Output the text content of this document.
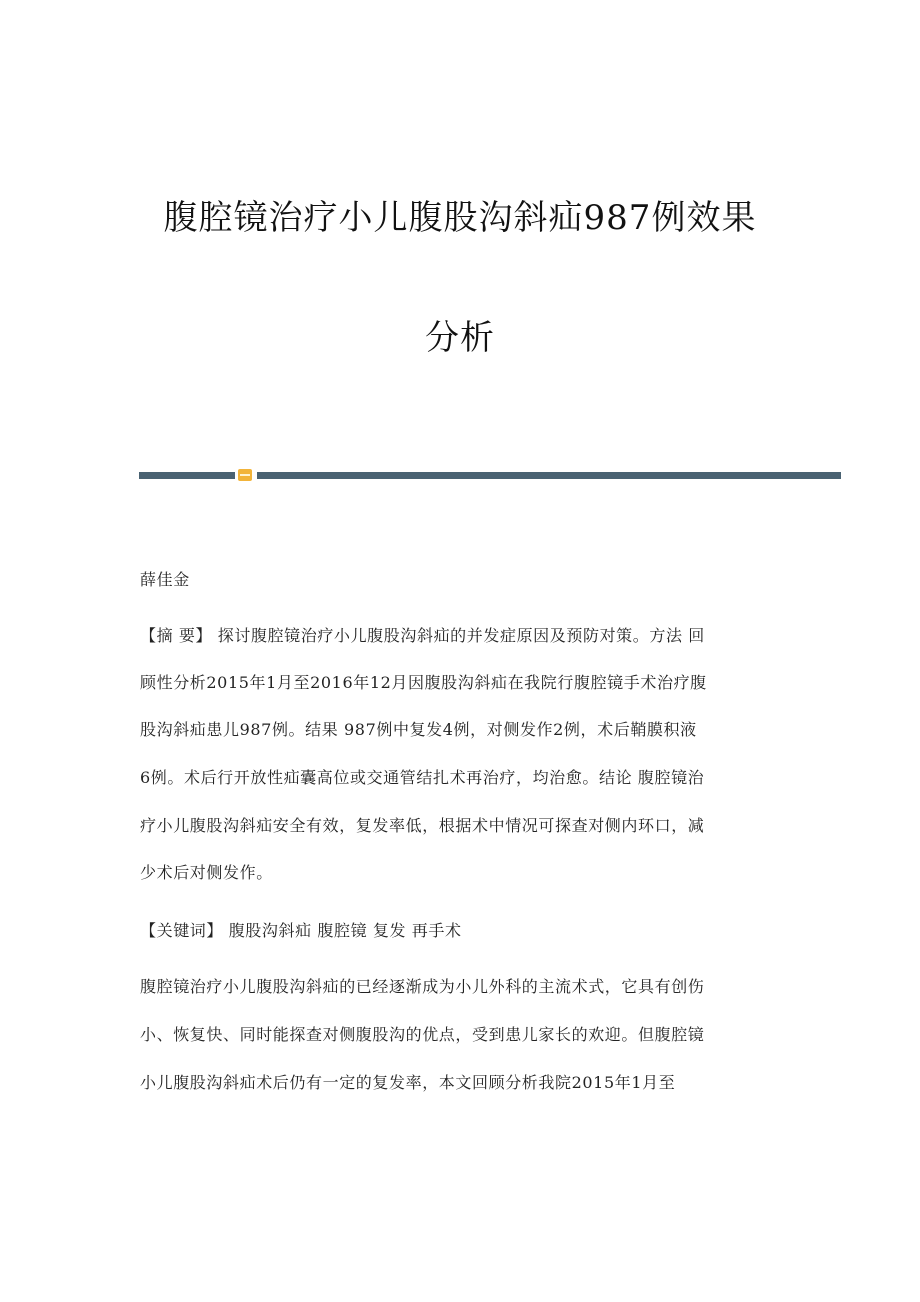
腹腔镜治疗小儿腹股沟斜疝987例效果
分析
薛佳金
【摘 要】 探讨腹腔镜治疗小儿腹股沟斜疝的并发症原因及预防对策。方法 回
顾性分析2015年1月至2016年12月因腹股沟斜疝在我院行腹腔镜手术治疗腹
股沟斜疝患儿987例。结果 987例中复发4例，对侧发作2例，术后鞘膜积液
6例。术后行开放性疝囊高位或交通管结扎术再治疗，均治愈。结论 腹腔镜治
疗小儿腹股沟斜疝安全有效，复发率低，根据术中情况可探查对侧内环口，减
少术后对侧发作。
【关键词】 腹股沟斜疝 腹腔镜 复发 再手术
腹腔镜治疗小儿腹股沟斜疝的已经逐渐成为小儿外科的主流术式，它具有创伤
小、恢复快、同时能探查对侧腹股沟的优点，受到患儿家长的欢迎。但腹腔镜
小儿腹股沟斜疝术后仍有一定的复发率，本文回顾分析我院2015年1月至
